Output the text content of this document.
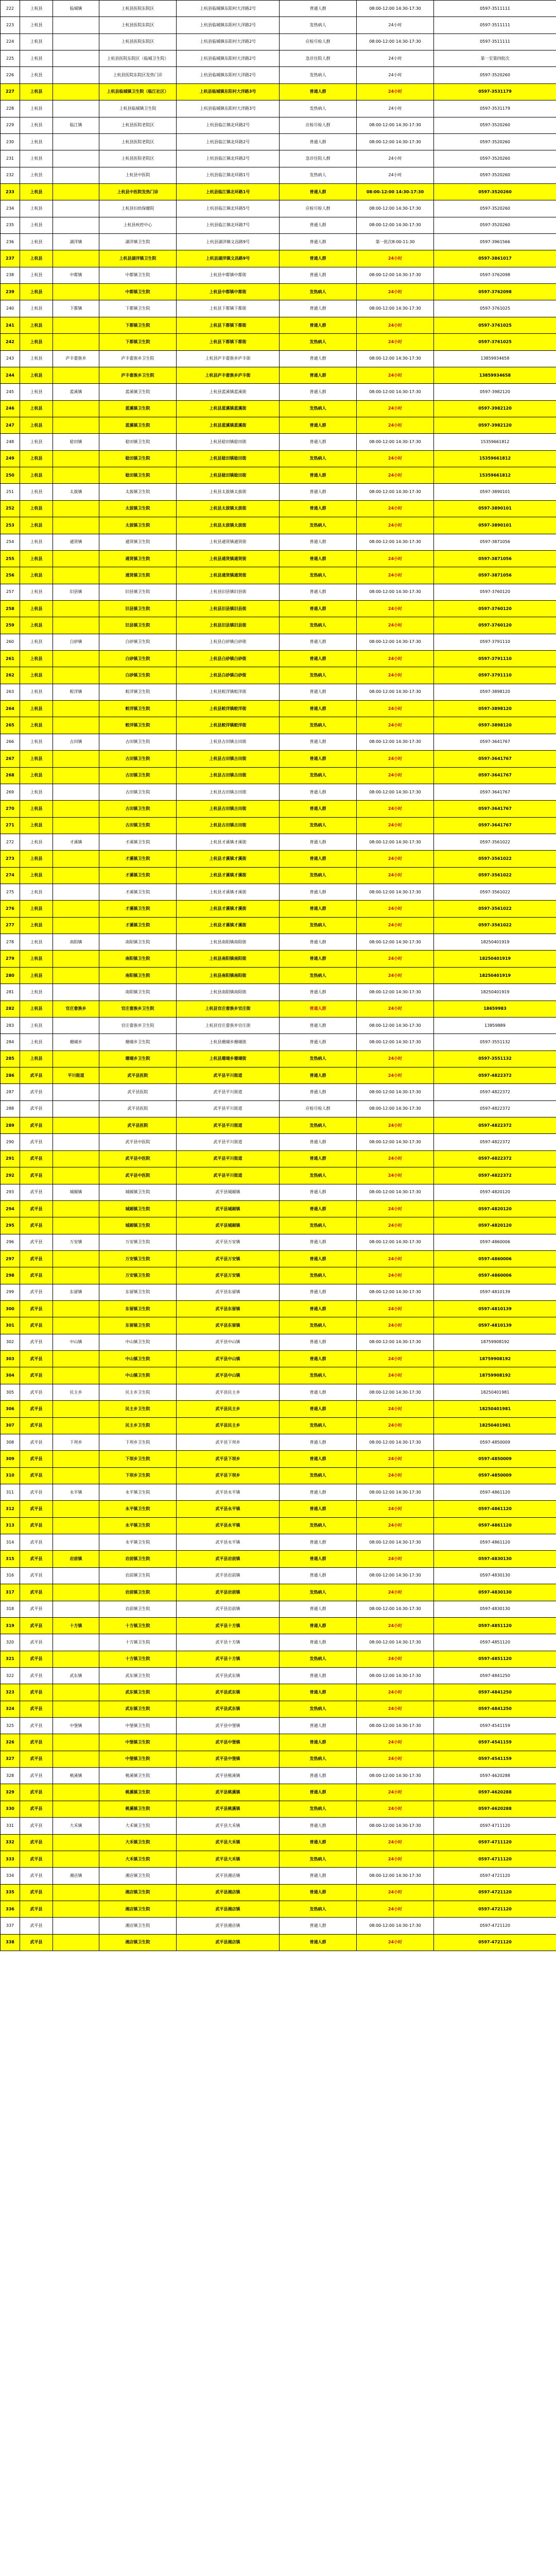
222	上杭县	临城镇	上杭县医院东院区	上杭县临城镇东阳村大洋路2号	普通人群	08:00-12:00 14:30-17:30	0597-3511111
223	上杭县		上杭县医院东院区	上杭县临城镇东阳村大洋路2号	发热病人	24小时	0597-3511111
224	上杭县		上杭县医院东院区	上杭县临城镇东阳村大洋路2号	应检尽检人群	08:00-12:00 14:30-17:30	0597-3511111
225	上杭县		上杭县医院东院区（临城卫生院）	上杭县临城镇东阳村大洋路2号	急诊住院人群	24小时	第一至第四批次
226	上杭县		上杭县医院东院区发热门诊	上杭县临城镇东阳村大洋路2号	发热病人	24小时	0597-3520260
227	上杭县		上杭县临城镇卫生院（临江社区）	上杭县临城镇东阳村大洋路3号	普通人群	24小时	0597-3531179
228	上杭县		上杭县临城镇卫生院	上杭县临城镇东阳村大洋路3号	发热病人	24小时	0597-3531179
229	上杭县	临江镇	上杭县医院老院区	上杭县临江镇北环路2号	应检尽检人群	08:00-12:00 14:30-17:30	0597-3520260
230	上杭县		上杭县医院老院区	上杭县临江镇北环路2号	普通人群	08:00-12:00 14:30-17:30	0597-3520260
231	上杭县		上杭县医院老院区	上杭县临江镇北环路2号	急诊住院人群	24小时	0597-3520260
232	上杭县		上杭县中医院	上杭县临江镇北环路1号	发热病人	24小时	0597-3520260
233	上杭县		上杭县中医院发热门诊	上杭县临江镇北环路1号	普通人群	08:00-12:00 14:30-17:30	0597-3520260
234	上杭县		上杭县妇幼保健院	上杭县临江镇北环路5号	应检尽检人群	08:00-12:00 14:30-17:30	0597-3520260
235	上杭县		上杭县疾控中心	上杭县临江镇北环路7号	普通人群	08:00-12:00 14:30-17:30	0597-3520260
236	上杭县	湖洋镇	湖洋镇卫生院	上杭县湖洋镇文昌路9号	普通人群	第一批次8:00-11:30	0597-3961566
237	上杭县		上杭县湖洋镇卫生院	上杭县湖洋镇文昌路9号	普通人群	24小时	0597-3861017
238	上杭县	中都镇	中都镇卫生院	上杭县中都镇中都街	普通人群	08:00-12:00 14:30-17:30	0597-3762098
239	上杭县		中都镇卫生院	上杭县中都镇中都街	发热病人	24小时	0597-3762098
240	上杭县	下都镇	下都镇卫生院	上杭县下都镇下都街	普通人群	08:00-12:00 14:30-17:30	0597-3761025
241	上杭县		下都镇卫生院	上杭县下都镇下都街	普通人群	24小时	0597-3761025
242	上杭县		下都镇卫生院	上杭县下都镇下都街	发热病人	24小时	0597-3761025
243	上杭县	庐丰畲族乡	庐丰畲族乡卫生院	上杭县庐丰畲族乡庐丰街	普通人群	08:00-12:00 14:30-17:30	13859934658
244	上杭县		庐丰畲族乡卫生院	上杭县庐丰畲族乡庐丰街	普通人群	24小时	13859934658
245	上杭县	蓝溪镇	蓝溪镇卫生院	上杭县蓝溪镇蓝溪街	普通人群	08:00-12:00 14:30-17:30	0597-3982120
246	上杭县		蓝溪镇卫生院	上杭县蓝溪镇蓝溪街	发热病人	24小时	0597-3982120
247	上杭县		蓝溪镇卫生院	上杭县蓝溪镇蓝溪街	普通人群	24小时	0597-3982120
248	上杭县	稔田镇	稔田镇卫生院	上杭县稔田镇稔田街	普通人群	08:00-12:00 14:30-17:30	15359661812
249	上杭县		稔田镇卫生院	上杭县稔田镇稔田街	发热病人	24小时	15359661812
250	上杭县		稔田镇卫生院	上杭县稔田镇稔田街	普通人群	24小时	15359661812
251	上杭县	太拔镇	太拔镇卫生院	上杭县太拔镇太拔街	普通人群	08:00-12:00 14:30-17:30	0597-3890101
252	上杭县		太拔镇卫生院	上杭县太拔镇太拔街	普通人群	24小时	0597-3890101
253	上杭县		太拔镇卫生院	上杭县太拔镇太拔街	发热病人	24小时	0597-3890101
254	上杭县	通贤镇	通贤镇卫生院	上杭县通贤镇通贤街	普通人群	08:00-12:00 14:30-17:30	0597-3871056
255	上杭县		通贤镇卫生院	上杭县通贤镇通贤街	普通人群	24小时	0597-3871056
256	上杭县		通贤镇卫生院	上杭县通贤镇通贤街	发热病人	24小时	0597-3871056
257	上杭县	旧县镇	旧县镇卫生院	上杭县旧县镇旧县街	普通人群	08:00-12:00 14:30-17:30	0597-3760120
258	上杭县		旧县镇卫生院	上杭县旧县镇旧县街	普通人群	24小时	0597-3760120
259	上杭县		旧县镇卫生院	上杭县旧县镇旧县街	发热病人	24小时	0597-3760120
260	上杭县	白砂镇	白砂镇卫生院	上杭县白砂镇白砂街	普通人群	08:00-12:00 14:30-17:30	0597-3791110
261	上杭县		白砂镇卫生院	上杭县白砂镇白砂街	普通人群	24小时	0597-3791110
262	上杭县		白砂镇卫生院	上杭县白砂镇白砂街	发热病人	24小时	0597-3791110
263	上杭县	蛟洋镇	蛟洋镇卫生院	上杭县蛟洋镇蛟洋街	普通人群	08:00-12:00 14:30-17:30	0597-3898120
264	上杭县		蛟洋镇卫生院	上杭县蛟洋镇蛟洋街	普通人群	24小时	0597-3898120
265	上杭县		蛟洋镇卫生院	上杭县蛟洋镇蛟洋街	发热病人	24小时	0597-3898120
266	上杭县	古田镇	古田镇卫生院	上杭县古田镇古田街	普通人群	08:00-12:00 14:30-17:30	0597-3641767
267	上杭县		古田镇卫生院	上杭县古田镇古田街	普通人群	24小时	0597-3641767
268	上杭县		古田镇卫生院	上杭县古田镇古田街	发热病人	24小时	0597-3641767
269	上杭县		古田镇卫生院	上杭县古田镇古田街	普通人群	08:00-12:00 14:30-17:30	0597-3641767
270	上杭县		古田镇卫生院	上杭县古田镇古田街	普通人群	24小时	0597-3641767
271	上杭县		古田镇卫生院	上杭县古田镇古田街	发热病人	24小时	0597-3641767
272	上杭县	才溪镇	才溪镇卫生院	上杭县才溪镇才溪街	普通人群	08:00-12:00 14:30-17:30	0597-3561022
273	上杭县		才溪镇卫生院	上杭县才溪镇才溪街	普通人群	24小时	0597-3561022
274	上杭县		才溪镇卫生院	上杭县才溪镇才溪街	发热病人	24小时	0597-3561022
275	上杭县		才溪镇卫生院	上杭县才溪镇才溪街	普通人群	08:00-12:00 14:30-17:30	0597-3561022
276	上杭县		才溪镇卫生院	上杭县才溪镇才溪街	普通人群	24小时	0597-3561022
277	上杭县		才溪镇卫生院	上杭县才溪镇才溪街	发热病人	24小时	0597-3561022
278	上杭县	南阳镇	南阳镇卫生院	上杭县南阳镇南阳街	普通人群	08:00-12:00 14:30-17:30	18250401919
279	上杭县		南阳镇卫生院	上杭县南阳镇南阳街	普通人群	24小时	18250401919
280	上杭县		南阳镇卫生院	上杭县南阳镇南阳街	发热病人	24小时	18250401919
281	上杭县		南阳镇卫生院	上杭县南阳镇南阳街	普通人群	08:00-12:00 14:30-17:30	18250401919
282	上杭县	官庄畲族乡	官庄畲族乡卫生院	上杭县官庄畲族乡官庄街	普通人群	24小时	18659983
283	上杭县		官庄畲族乡卫生院	上杭县官庄畲族乡官庄街	普通人群	08:00-12:00 14:30-17:30	13859889
284	上杭县	珊瑚乡	珊瑚乡卫生院	上杭县珊瑚乡珊瑚街	普通人群	08:00-12:00 14:30-17:30	0597-3551132
285	上杭县		珊瑚乡卫生院	上杭县珊瑚乡珊瑚街	发热病人	24小时	0597-3551132
286	武平县	平川街道	武平县医院	武平县平川街道	普通人群	24小时	0597-4822372
287	武平县		武平县医院	武平县平川街道	普通人群	08:00-12:00 14:30-17:30	0597-4822372
288	武平县		武平县医院	武平县平川街道	应检尽检人群	08:00-12:00 14:30-17:30	0597-4822372
289	武平县		武平县医院	武平县平川街道	发热病人	24小时	0597-4822372
290	武平县		武平县中医院	武平县平川街道	普通人群	08:00-12:00 14:30-17:30	0597-4822372
291	武平县		武平县中医院	武平县平川街道	普通人群	24小时	0597-4822372
292	武平县		武平县中医院	武平县平川街道	发热病人	24小时	0597-4822372
293	武平县	城厢镇	城厢镇卫生院	武平县城厢镇	普通人群	08:00-12:00 14:30-17:30	0597-4820120
294	武平县		城厢镇卫生院	武平县城厢镇	普通人群	24小时	0597-4820120
295	武平县		城厢镇卫生院	武平县城厢镇	发热病人	24小时	0597-4820120
296	武平县	万安镇	万安镇卫生院	武平县万安镇	普通人群	08:00-12:00 14:30-17:30	0597-4860006
297	武平县		万安镇卫生院	武平县万安镇	普通人群	24小时	0597-4860006
298	武平县		万安镇卫生院	武平县万安镇	发热病人	24小时	0597-4860006
299	武平县	东留镇	东留镇卫生院	武平县东留镇	普通人群	08:00-12:00 14:30-17:30	0597-4810139
300	武平县		东留镇卫生院	武平县东留镇	普通人群	24小时	0597-4810139
301	武平县		东留镇卫生院	武平县东留镇	发热病人	24小时	0597-4810139
302	武平县	中山镇	中山镇卫生院	武平县中山镇	普通人群	08:00-12:00 14:30-17:30	18759908192
303	武平县		中山镇卫生院	武平县中山镇	普通人群	24小时	18759908192
304	武平县		中山镇卫生院	武平县中山镇	发热病人	24小时	18759908192
305	武平县	民主乡	民主乡卫生院	武平县民主乡	普通人群	08:00-12:00 14:30-17:30	18250401981
306	武平县		民主乡卫生院	武平县民主乡	普通人群	24小时	18250401981
307	武平县		民主乡卫生院	武平县民主乡	发热病人	24小时	18250401981
308	武平县	下坝乡	下坝乡卫生院	武平县下坝乡	普通人群	08:00-12:00 14:30-17:30	0597-4850009
309	武平县		下坝乡卫生院	武平县下坝乡	普通人群	24小时	0597-4850009
310	武平县		下坝乡卫生院	武平县下坝乡	发热病人	24小时	0597-4850009
311	武平县	永平镇	永平镇卫生院	武平县永平镇	普通人群	08:00-12:00 14:30-17:30	0597-4861120
312	武平县		永平镇卫生院	武平县永平镇	普通人群	24小时	0597-4861120
313	武平县		永平镇卫生院	武平县永平镇	发热病人	24小时	0597-4861120
314	武平县		永平镇卫生院	武平县永平镇	普通人群	08:00-12:00 14:30-17:30	0597-4861120
315	武平县	岩前镇	岩前镇卫生院	武平县岩前镇	普通人群	24小时	0597-4830130
316	武平县		岩前镇卫生院	武平县岩前镇	普通人群	08:00-12:00 14:30-17:30	0597-4830130
317	武平县		岩前镇卫生院	武平县岩前镇	发热病人	24小时	0597-4830130
318	武平县		岩前镇卫生院	武平县岩前镇	普通人群	08:00-12:00 14:30-17:30	0597-4830130
319	武平县	十方镇	十方镇卫生院	武平县十方镇	普通人群	24小时	0597-4851120
320	武平县		十方镇卫生院	武平县十方镇	普通人群	08:00-12:00 14:30-17:30	0597-4851120
321	武平县		十方镇卫生院	武平县十方镇	发热病人	24小时	0597-4851120
322	武平县	武东镇	武东镇卫生院	武平县武东镇	普通人群	08:00-12:00 14:30-17:30	0597-4841250
323	武平县		武东镇卫生院	武平县武东镇	普通人群	24小时	0597-4841250
324	武平县		武东镇卫生院	武平县武东镇	发热病人	24小时	0597-4841250
325	武平县	中堡镇	中堡镇卫生院	武平县中堡镇	普通人群	08:00-12:00 14:30-17:30	0597-4541159
326	武平县		中堡镇卫生院	武平县中堡镇	普通人群	24小时	0597-4541159
327	武平县		中堡镇卫生院	武平县中堡镇	发热病人	24小时	0597-4541159
328	武平县	桃溪镇	桃溪镇卫生院	武平县桃溪镇	普通人群	08:00-12:00 14:30-17:30	0597-4620288
329	武平县		桃溪镇卫生院	武平县桃溪镇	普通人群	24小时	0597-4620288
330	武平县		桃溪镇卫生院	武平县桃溪镇	发热病人	24小时	0597-4620288
331	武平县	大禾镇	大禾镇卫生院	武平县大禾镇	普通人群	08:00-12:00 14:30-17:30	0597-4711120
332	武平县		大禾镇卫生院	武平县大禾镇	普通人群	24小时	0597-4711120
333	武平县		大禾镇卫生院	武平县大禾镇	发热病人	24小时	0597-4711120
334	武平县	湘店镇	湘店镇卫生院	武平县湘店镇	普通人群	08:00-12:00 14:30-17:30	0597-4721120
335	武平县		湘店镇卫生院	武平县湘店镇	普通人群	24小时	0597-4721120
336	武平县		湘店镇卫生院	武平县湘店镇	发热病人	24小时	0597-4721120
337	武平县		湘店镇卫生院	武平县湘店镇	普通人群	08:00-12:00 14:30-17:30	0597-4721120
338	武平县		湘店镇卫生院	武平县湘店镇	普通人群	24小时	0597-4721120
